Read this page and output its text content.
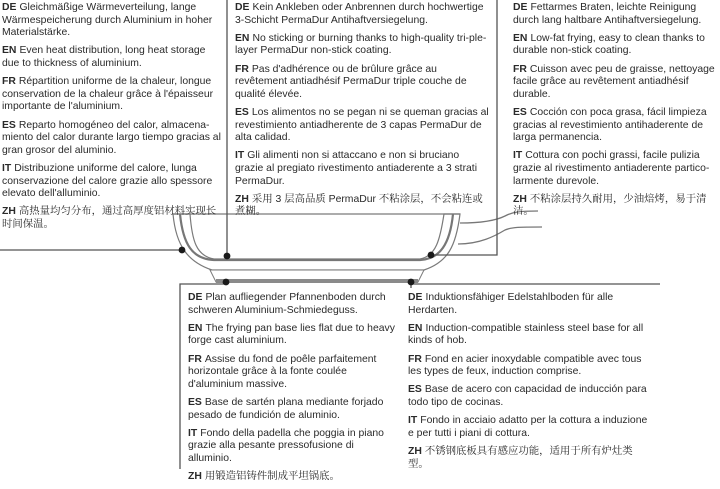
DE Gleichmäßige Wärmeverteilung, lange Wärmespeicherung durch Aluminium in hoher Materialstärke.

EN Even heat distribution, long heat storage due to thickness of aluminium.

FR Répartition uniforme de la chaleur, longue conservation de la chaleur grâce à l'épaisseur importante de l'aluminium.

ES Reparto homogéneo del calor, almacena-miento del calor durante largo tiempo gracias al gran grosor del aluminio.

IT Distribuzione uniforme del calore, lunga conservazione del calore grazie allo spessore elevato dell'alluminio.

ZH 高热量均匀分布，通过高厚度铝材料实现长时间保温。

DE Kein Ankleben oder Anbrennen durch hochwertige 3-Schicht PermaDur Antihaftversiegelung.

EN No sticking or burning thanks to high-quality tri-ple-layer PermaDur non-stick coating.

FR Pas d'adhérence ou de brûlure grâce au revêtement antiadhésif PermaDur triple couche de qualité élevée.

ES Los alimentos no se pegan ni se queman gracias al revestimiento antiadherente de 3 capas PermaDur de alta calidad.

IT Gli alimenti non si attaccano e non si bruciano grazie al pregiato rivestimento antiaderente a 3 strati PermaDur.

ZH 采用 3 层高品质 PermaDur 不粘涂层，不会粘连或煮糊。

DE Fettarmes Braten, leichte Reinigung durch lang haltbare Antihaftversiegelung.

EN Low-fat frying, easy to clean thanks to durable non-stick coating.

FR Cuisson avec peu de graisse, nettoyage facile grâce au revêtement antiadhésif durable.

ES Cocción con poca grasa, fácil limpieza gracias al revestimiento antihaderente de larga permanencia.

IT Cottura con pochi grassi, facile pulizia grazie al rivestimento antiaderente partico-larmente durevole.

ZH 不粘涂层持久耐用，少油焙烤，易于清洁。

DE Plan aufliegender Pfannenboden durch schweren Aluminium-Schmiedeguss.

EN The frying pan base lies flat due to heavy forge cast aluminium.

FR Assise du fond de poêle parfaitement horizontale grâce à la fonte coulée d'aluminium massive.

ES Base de sartén plana mediante forjado pesado de fundición de aluminio.

IT Fondo della padella che poggia in piano grazie alla pesante pressofusione di alluminio.

ZH 用锻造铝铸件制成平坦锅底。

DE Induktionsfähiger Edelstahlboden für alle Herdarten.

EN Induction-compatible stainless steel base for all kinds of hob.

FR Fond en acier inoxydable compatible avec tous les types de feux, induction comprise.

ES Base de acero con capacidad de inducción para todo tipo de cocinas.

IT Fondo in acciaio adatto per la cottura a induzione e per tutti i piani di cottura.

ZH 不锈钢底板具有感应功能，适用于所有炉灶类型。
